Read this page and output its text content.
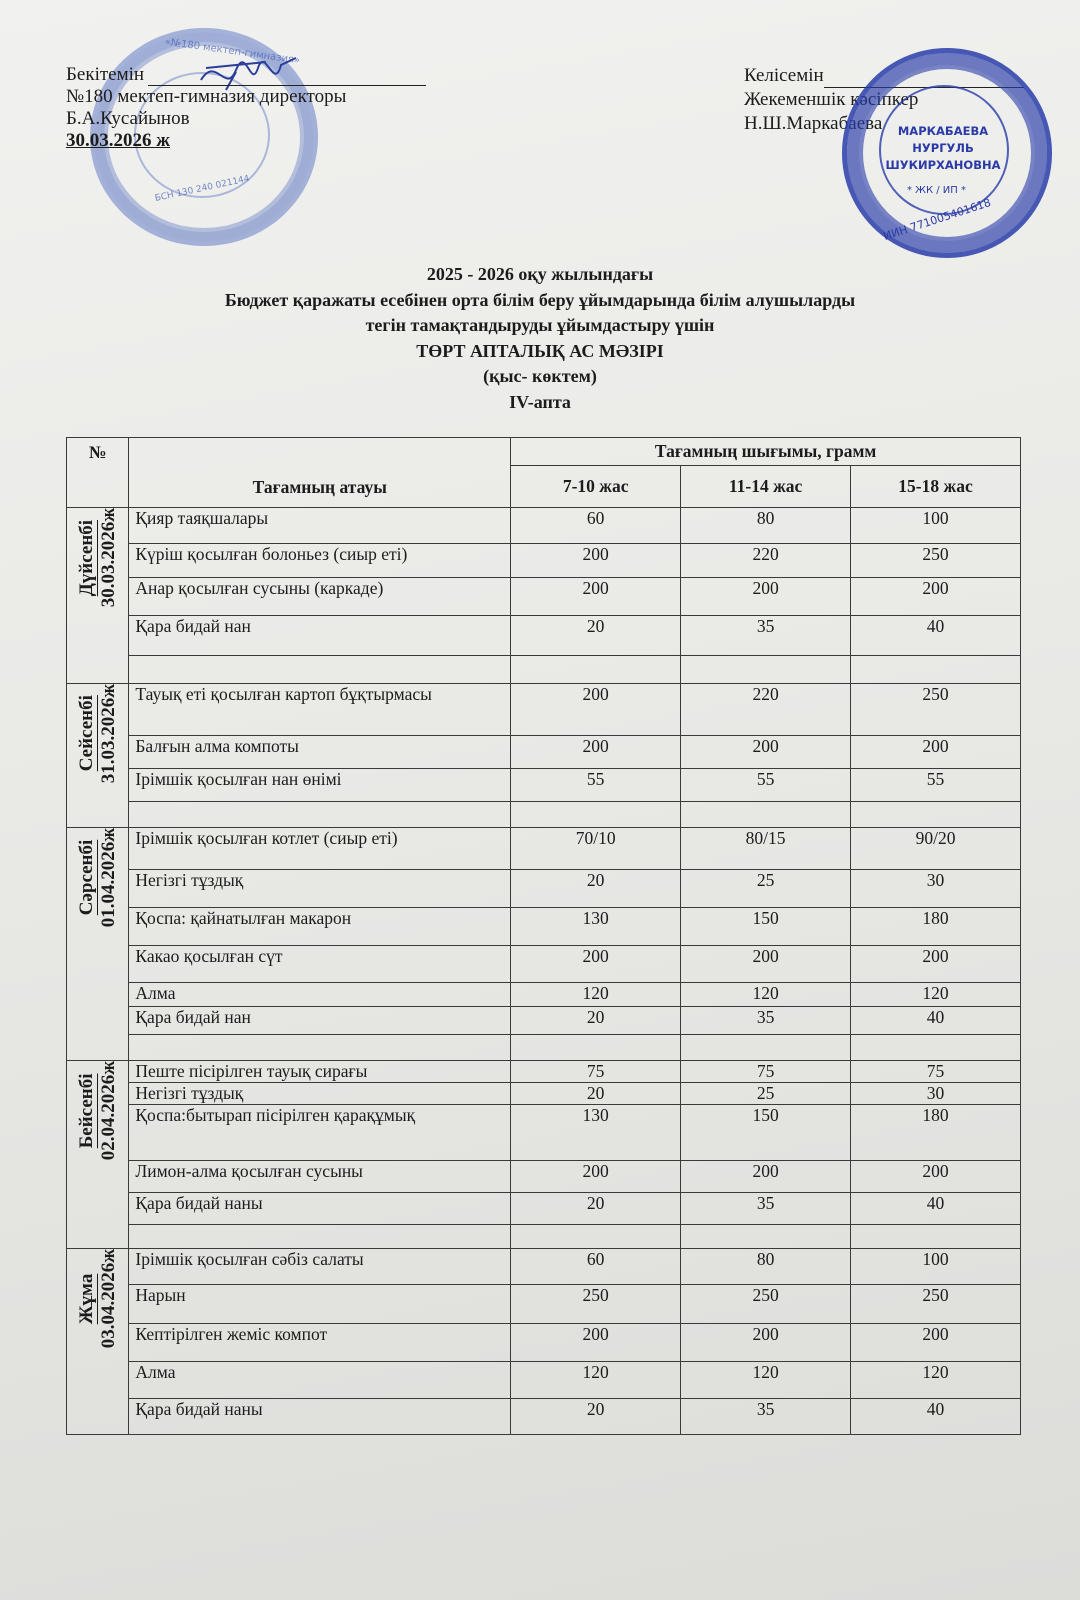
«№180 мектеп-гимназия»
БСН 130 240 021144
Бекітемін
№180 мектеп-гимназия директоры
Б.А.Кусайынов
30.03.2026 ж
Келісемін
Жекеменшік кәсіпкер
Н.Ш.Маркабаева	МАРКАБАЕВА
НУРГУЛЬ
ШУКИРХАНОВНА
* ЖК / ИП *
ИИН 771005401618
2025 - 2026 оқу жылындағы
Бюджет қаражаты есебінен орта білім беру ұйымдарында білім алушыларды
тегін тамақтандыруды ұйымдастыру үшін
ТӨРТ АПТАЛЫҚ АС МӘЗІРІ
(қыс- көктем)
IV-апта
№	Тағамның атауы	Тағамның шығымы, грамм		
		7-10 жас	11-14 жас	15-18 жас

Дүйсенбі 30.03.2026ж	Қияр таяқшалары	60	80	100
	Күріш қосылған болоньез (сиыр еті)	200	220	250
	Анар қосылған сусыны (каркаде)	200	200	200
	Қара бидай нан	20	35	40

Сейсенбі 31.03.2026ж	Тауық еті қосылған картоп бұқтырмасы	200	220	250
	Балғын алма компоты	200	200	200
	Ірімшік қосылған нан өнімі	55	55	55

Сәрсенбі 01.04.2026ж	Ірімшік қосылған котлет (сиыр еті)	70/10	80/15	90/20
	Негізгі тұздық	20	25	30
	Қоспа: қайнатылған макарон	130	150	180
	Какао қосылған сүт	200	200	200
	Алма	120	120	120
	Қара бидай нан	20	35	40

Бейсенбі 02.04.2026ж	Пеште пісірілген тауық сирағы	75	75	75
	Негізгі тұздық	20	25	30
	Қоспа:бытырап пісірілген қарақұмық	130	150	180
	Лимон-алма қосылған сусыны	200	200	200
	Қара бидай наны	20	35	40

Жұма 03.04.2026ж	Ірімшік қосылған сәбіз салаты	60	80	100
	Нарын	250	250	250
	Кептірілген жеміс компот	200	200	200
	Алма	120	120	120
	Қара бидай наны	20	35	40
